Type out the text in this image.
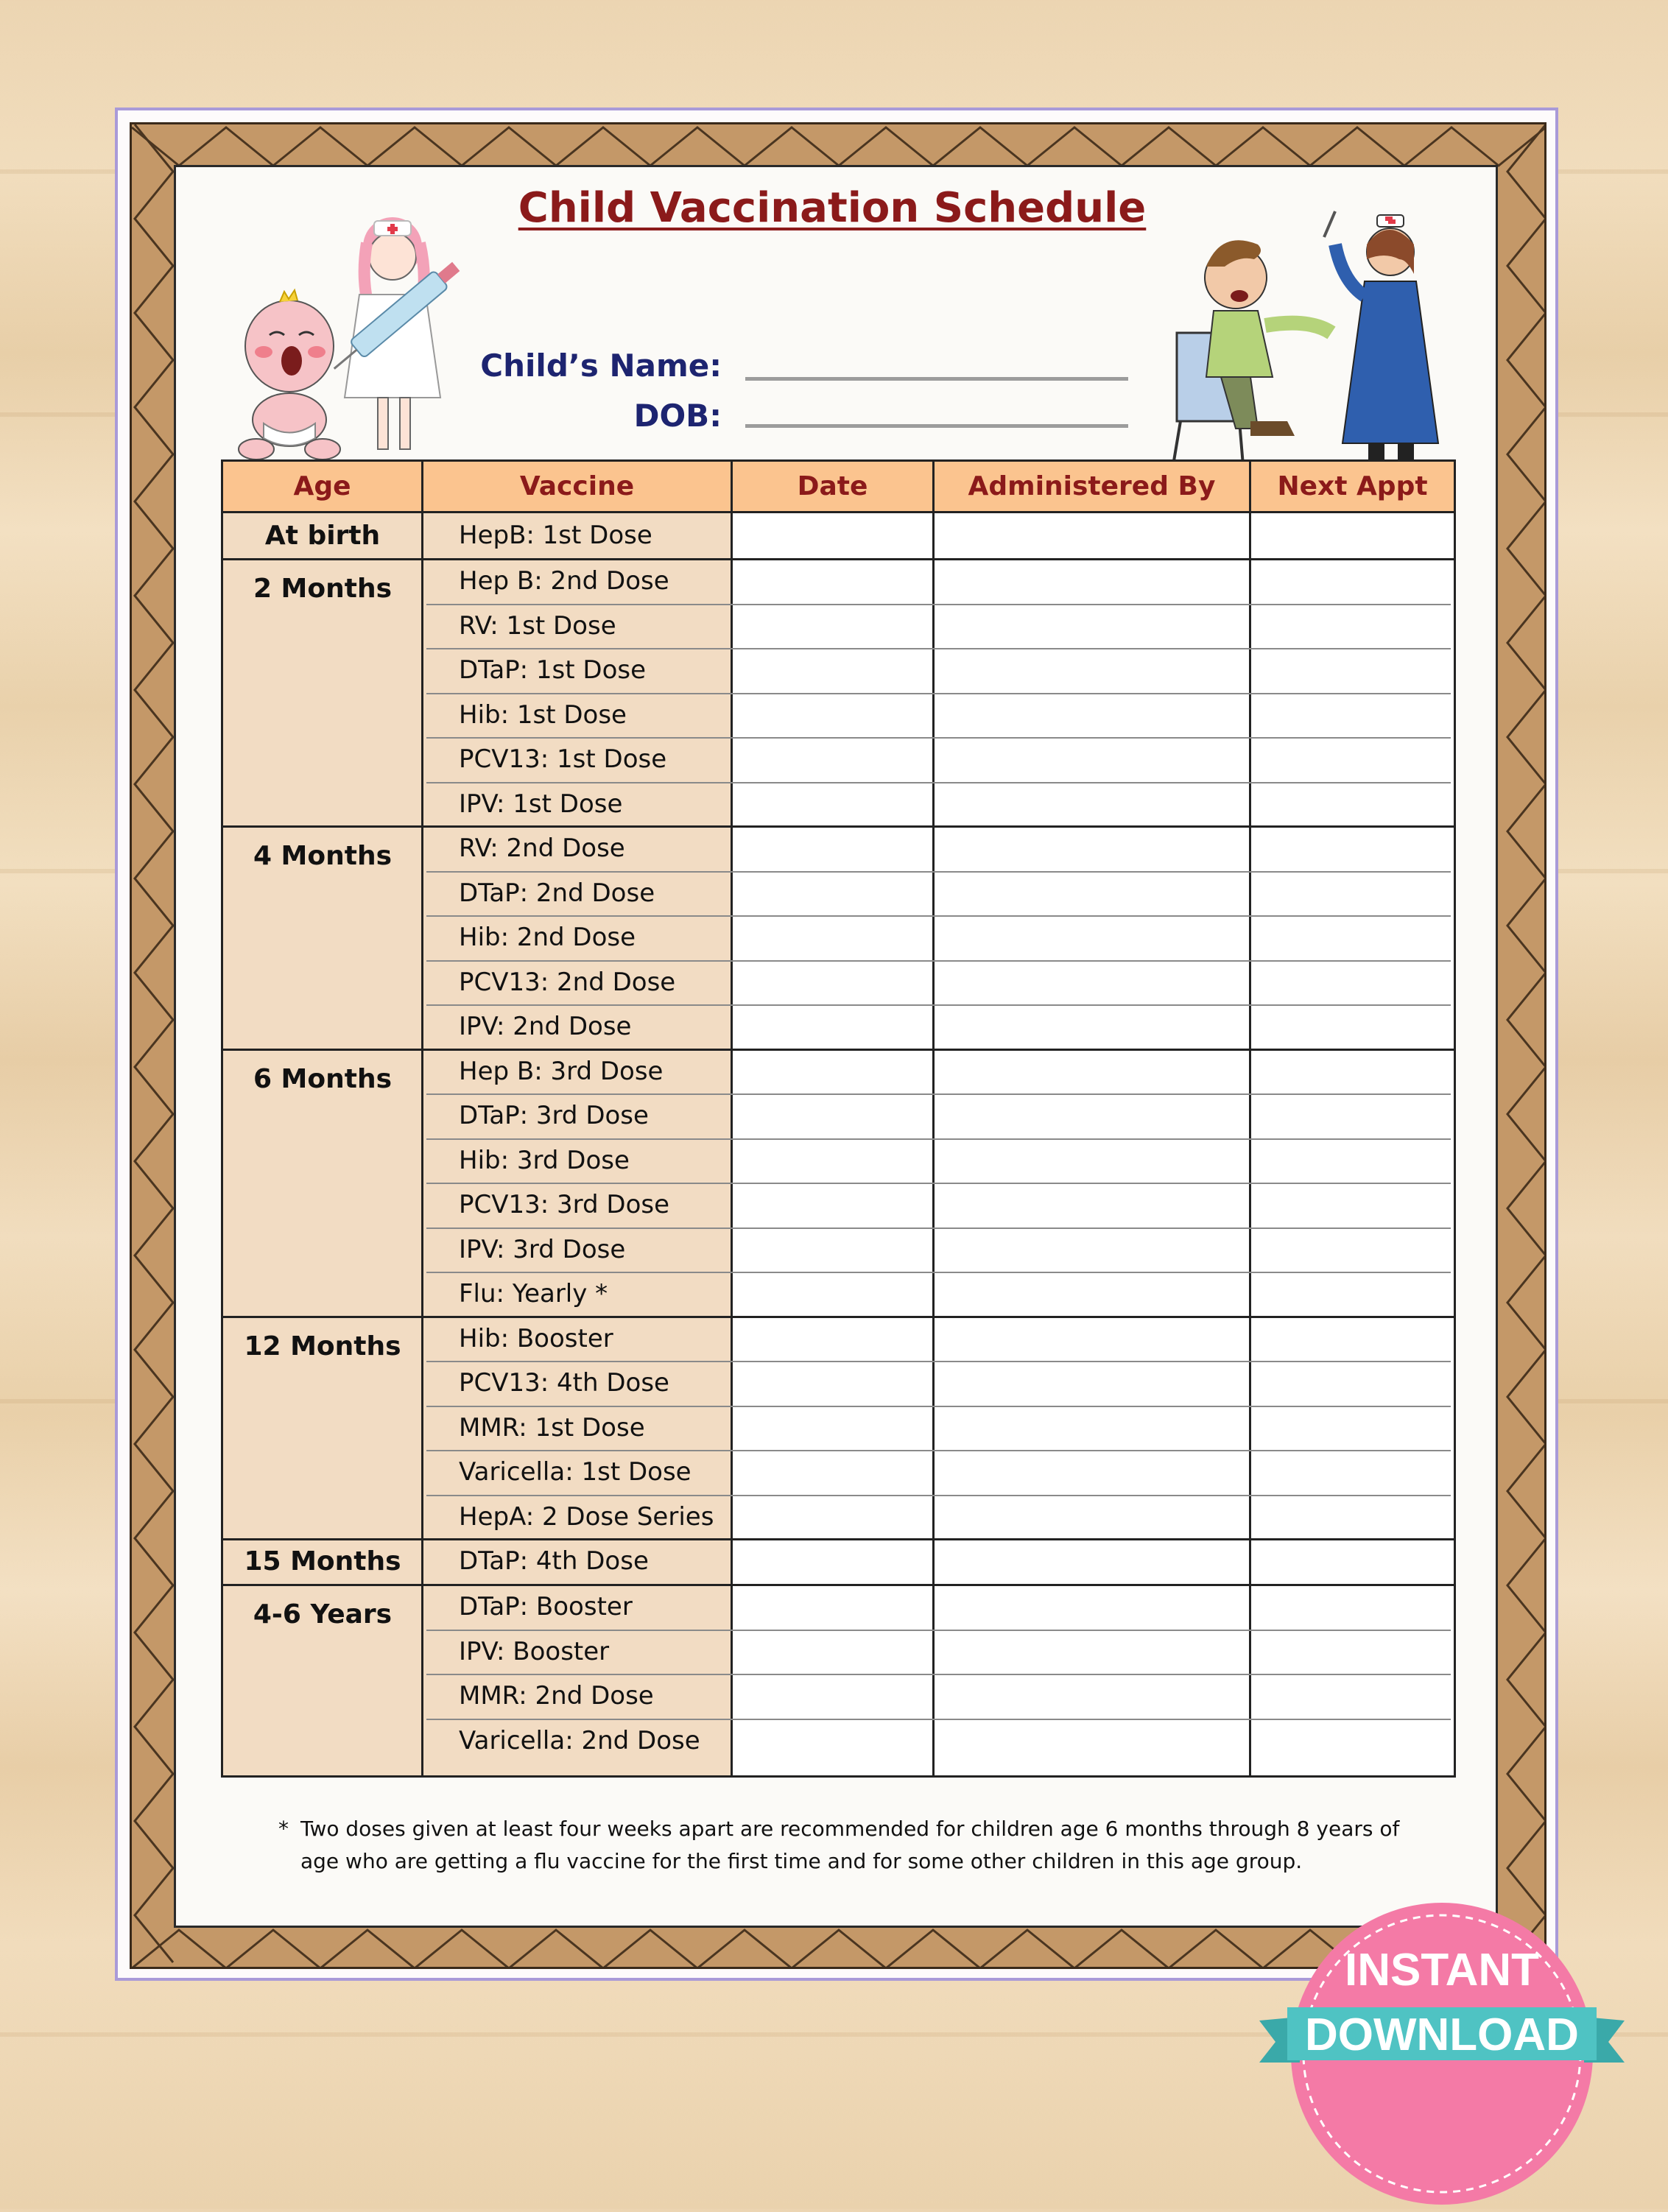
Child Vaccination Schedule
Child’s Name:
DOB:
Age	Vaccine	Date	Administered By	Next Appt
At birth	HepB: 1st Dose
2 Months	Hep B: 2nd Dose
RV: 1st Dose
DTaP: 1st Dose
Hib: 1st Dose
PCV13: 1st Dose
IPV: 1st Dose
4 Months	RV: 2nd Dose
DTaP: 2nd Dose
Hib: 2nd Dose
PCV13: 2nd Dose
IPV: 2nd Dose
6 Months	Hep B: 3rd Dose
DTaP: 3rd Dose
Hib: 3rd Dose
PCV13: 3rd Dose
IPV: 3rd Dose
Flu: Yearly *
12 Months	Hib: Booster
PCV13: 4th Dose
MMR: 1st Dose
Varicella: 1st Dose
HepA: 2 Dose Series
15 Months	DTaP: 4th Dose
4-6 Years	DTaP: Booster
IPV: Booster
MMR: 2nd Dose
Varicella: 2nd Dose
* Two doses given at least four weeks apart are recommended for children age 6 months through 8 years of age who are getting a flu vaccine for the first time and for some other children in this age group.
INSTANT
DOWNLOAD
